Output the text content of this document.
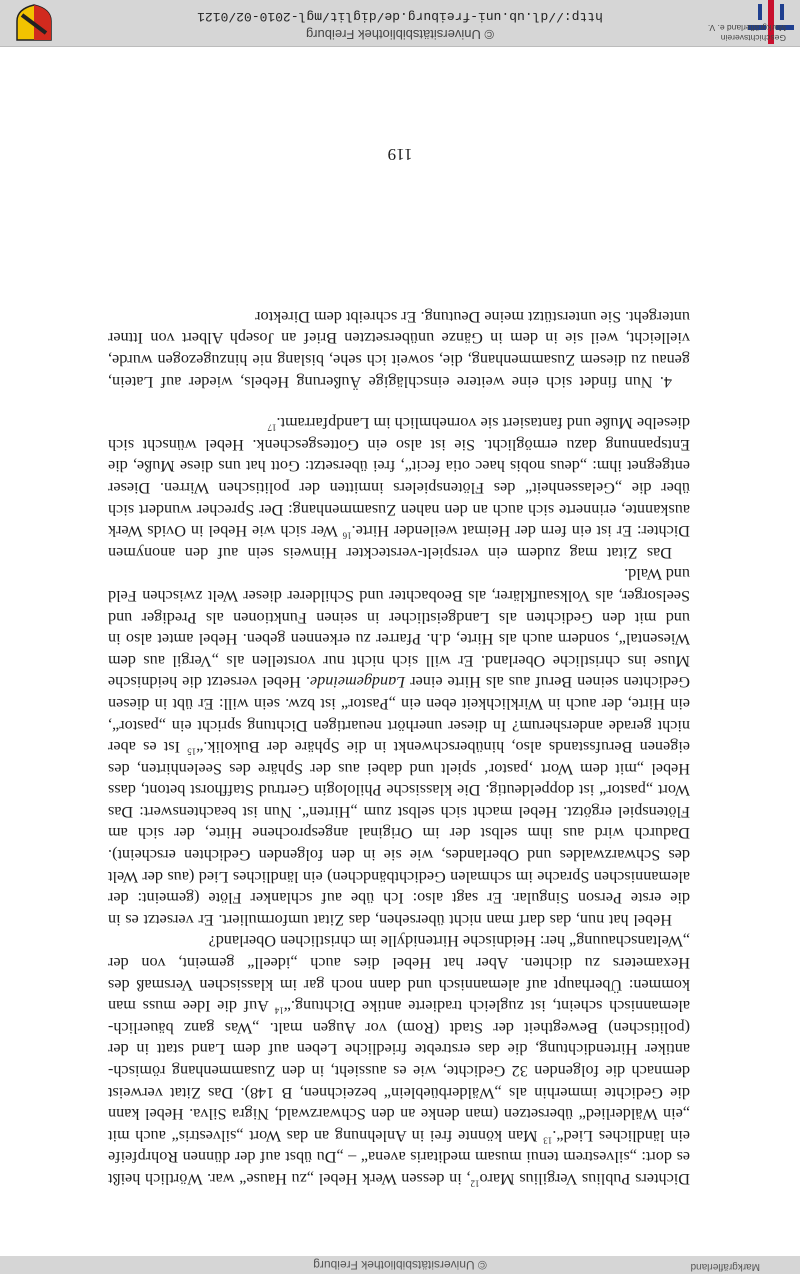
Markgräflerland
© Universitätsbibliothek Freiburg

Dichters Publius Vergilius Maro$^{12}$, in dessen Werk Hebel „zu Hause“ war. Wörtlich heißt es dort: „silvestrem tenui musam meditaris avena“ – „Du übst auf der dünnen Rohrpfeife ein ländliches Lied“.$^{13}$ Man könnte frei in Anlehnung an das Wort „silvestris“ auch mit „ein Wälderlied“ übersetzen (man denke an den Schwarzwald, Nigra Silva. Hebel kann die Gedichte immerhin als „Wälderbüeblein“ bezeichnen, B 148). Das Zitat verweist demnach die folgenden 32 Gedichte, wie es aussieht, in den Zusammenhang römisch-antiker Hirtendichtung, die das erstrebte friedliche Leben auf dem Land statt in der (politischen) Bewegtheit der Stadt (Rom) vor Augen malt. „Was ganz bäuerlich-alemannisch scheint, ist zugleich tradierte antike Dichtung.“$^{14}$ Auf die Idee muss man kommen: Überhaupt auf alemannisch und dann noch gar im klassischen Versmaß des Hexameters zu dichten. Aber hat Hebel dies auch „ideell“ gemeint, von der „Weltanschauung“ her: Heidnische Hirtenidylle im christlichen Oberland?

Hebel hat nun, das darf man nicht übersehen, das Zitat umformuliert. Er versetzt es in die erste Person Singular. Er sagt also: Ich übe auf schlanker Flöte (gemeint: der alemannischen Sprache im schmalen Gedichtbändchen) ein ländliches Lied (aus der Welt des Schwarzwaldes und Oberlandes, wie sie in den folgenden Gedichten erscheint). Dadurch wird aus ihm selbst der im Original angesprochene Hirte, der sich am Flötenspiel ergötzt. Hebel macht sich selbst zum „Hirten“. Nun ist beachtenswert: Das Wort „pastor“ ist doppeldeutig. Die klassische Philologin Gertrud Staffhorst betont, dass Hebel „mit dem Wort ‚pastor‘ spielt und dabei aus der Sphäre des Seelenhirten, des eigenen Berufsstands also, hinüberschwenkt in die Sphäre der Bukolik.“$^{15}$ Ist es aber nicht gerade andersherum? In dieser unerhört neuartigen Dichtung spricht ein „pastor“, ein Hirte, der auch in Wirklichkeit eben ein „Pastor“ ist bzw. sein will: Er übt in diesen Gedichten seinen Beruf aus als Hirte einer Landgemeinde. Hebel versetzt die heidnische Muse ins christliche Oberland. Er will sich nicht nur vorstellen als „Vergil aus dem Wiesental“, sondern auch als Hirte, d.h. Pfarrer zu erkennen geben. Hebel amtet also in und mit den Gedichten als Landgeistlicher in seinen Funktionen als Prediger und Seelsorger, als Volksaufklärer, als Beobachter und Schilderer dieser Welt zwischen Feld und Wald.

Das Zitat mag zudem ein verspielt-versteckter Hinweis sein auf den anonymen Dichter: Er ist ein fern der Heimat weilender Hirte.$^{16}$ Wer sich wie Hebel in Ovids Werk auskannte, erinnerte sich auch an den nahen Zusammenhang: Der Sprecher wundert sich über die „Gelassenheit“ des Flötenspielers inmitten der politischen Wirren. Dieser entgegnet ihm: „deus nobis haec otia fecit“, frei übersetzt: Gott hat uns diese Muße, die Entspannung dazu ermöglicht. Sie ist also ein Gottesgeschenk. Hebel wünscht sich dieselbe Muße und fantasiert sie vornehmlich im Landpfarramt.$^{17}$

4. Nun findet sich eine weitere einschlägige Äußerung Hebels, wieder auf Latein, genau zu diesem Zusammenhang, die, soweit ich sehe, bislang nie hinzugezogen wurde, vielleicht, weil sie in dem in Gänze unübersetzten Brief an Joseph Albert von Ittner untergeht. Sie unterstützt meine Deutung. Er schreibt dem Direktor

119
Geschichtsverein
Markgräflerland e. V.
© Universitätsbibliothek Freiburg
http://dl.ub.uni-freiburg.de/diglit/mgl-2010-02/0121
